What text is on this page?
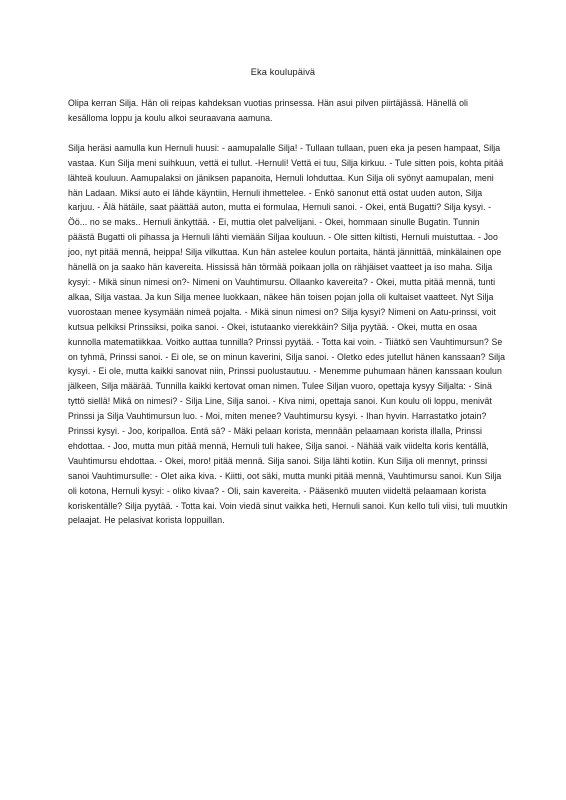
Eka koulupäivä

Olipa kerran Silja. Hän oli reipas kahdeksan vuotias prinsessa. Hän asui pilven piirtäjässä. Hänellä oli kesälloma loppu ja koulu alkoi seuraavana aamuna.

Silja heräsi aamulla kun Hernuli huusi: - aamupalalle Silja! - Tullaan tullaan, puen eka ja pesen hampaat, Silja vastaa. Kun Silja meni suihkuun, vettä ei tullut. -Hernuli! Vettä ei tuu, Silja kirkuu. - Tule sitten pois, kohta pitää lähteä kouluun. Aamupalaksi on jäniksen papanoita, Hernuli lohduttaa. Kun Silja oli syönyt aamupalan, meni hän Ladaan. Miksi auto ei lähde käyntiin, Hernuli ihmettelee. - Enkö sanonut että ostat uuden auton, Silja karjuu. - Älä hätäile, saat päättää auton, mutta ei formulaa, Hernuli sanoi. - Okei, entä Bugatti? Silja kysyi. - Öö... no se maks.. Hernuli änkyttää. - Ei, muttia olet palvelijani. - Okei, hommaan sinulle Bugatin. Tunnin päästä Bugatti oli pihassa ja Hernuli lähti viemään Siljaa kouluun. - Ole sitten kiltisti, Hernuli muistuttaa. - Joo joo, nyt pitää mennä, heippa! Silja vilkuttaa. Kun hän astelee koulun portaita, häntä jännittää, minkälainen ope hänellä on ja saako hän kavereita. Hississä hän törmää poikaan jolla on rähjäiset vaatteet ja iso maha. Silja kysyi: - Mikä sinun nimesi on?- Nimeni on Vauhtimursu. Ollaanko kavereita? - Okei, mutta pitää mennä, tunti alkaa, Silja vastaa. Ja kun Silja menee luokkaan, näkee hän toisen pojan jolla oli kultaiset vaatteet. Nyt Silja vuorostaan menee kysymään nimeä pojalta. - Mikä sinun nimesi on? Silja kysyi? Nimeni on Aatu-prinssi, voit kutsua pelkiksi Prinssiksi, poika sanoi. - Okei, istutaanko vierekkäin? Silja pyytää. - Okei, mutta en osaa kunnolla matematiikkaa. Voitko auttaa tunnilla? Prinssi pyytää. - Totta kai voin. - Tiiätkö sen Vauhtimursun? Se on tyhmä, Prinssi sanoi. - Ei ole, se on minun kaverini, Silja sanoi. - Oletko edes jutellut hänen kanssaan? Silja kysyi. - Ei ole, mutta kaikki sanovat niin, Prinssi puolustautuu. - Menemme puhumaan hänen kanssaan koulun jälkeen, Silja määrää. Tunnilla kaikki kertovat oman nimen. Tulee Siljan vuoro, opettaja kysyy Siljalta: - Sinä tyttö siellä! Mikä on nimesi? - Silja Line, Silja sanoi. - Kiva nimi, opettaja sanoi. Kun koulu oli loppu, menivät Prinssi ja Silja Vauhtimursun luo. - Moi, miten menee? Vauhtimursu kysyi. - Ihan hyvin. Harrastatko jotain? Prinssi kysyi. - Joo, koripalloa. Entä sä? - Mäki pelaan korista, mennään pelaamaan korista illalla, Prinssi ehdottaa. - Joo, mutta mun pitää mennä, Hernuli tuli hakee, Silja sanoi. - Nähää vaik viidelta koris kentällä, Vauhtimursu ehdottaa. - Okei, moro! pitää mennä. Silja sanoi. Silja lähti kotiin. Kun Silja oli mennyt, prinssi sanoi Vauhtimursulle: - Olet aika kiva. - Kiitti, oot säki, mutta munki pitää mennä, Vauhtimursu sanoi. Kun Silja oli kotona, Hernuli kysyi: - oliko kivaa? - Oli, sain kavereita. - Pääsenkö muuten viideltä pelaamaan korista koriskentälle? Silja pyytää. - Totta kai. Voin viedä sinut vaikka heti, Hernuli sanoi. Kun kello tuli viisi, tuli muutkin pelaajat. He pelasivat korista loppuillan.
